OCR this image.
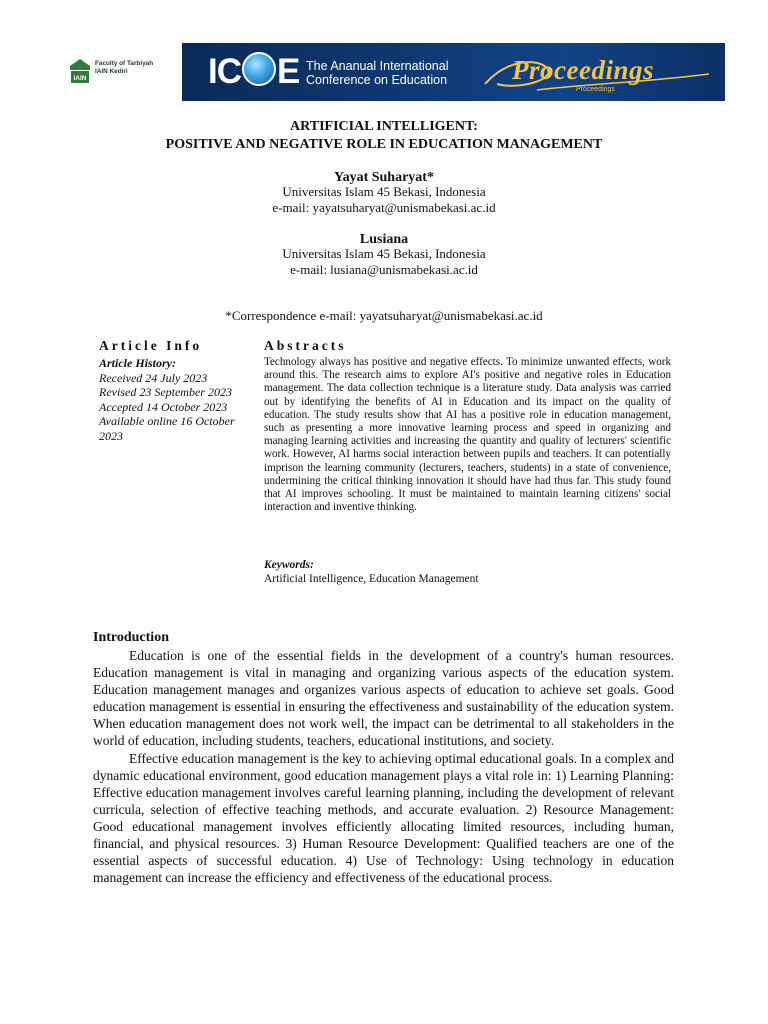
IAIN
Faculty of Tarbiyah
IAIN Kediri	IC E The Ananual International
Conference on Education Proceedings
Proceedings
ARTIFICIAL INTELLIGENT:
POSITIVE AND NEGATIVE ROLE IN EDUCATION MANAGEMENT
Yayat Suharyat*
Universitas Islam 45 Bekasi, Indonesia
e-mail: yayatsuharyat@unismabekasi.ac.id
Lusiana
Universitas Islam 45 Bekasi, Indonesia
e-mail: lusiana@unismabekasi.ac.id
*Correspondence e-mail: yayatsuharyat@unismabekasi.ac.id
Article Info	Abstracts
Article History:
Received 24 July 2023
Revised 23 September 2023
Accepted 14 October 2023
Available online 16 October 2023
Technology always has positive and negative effects. To minimize unwanted effects, work around this. The research aims to explore AI's positive and negative roles in Education management. The data collection technique is a literature study. Data analysis was carried out by identifying the benefits of AI in Education and its impact on the quality of education. The study results show that AI has a positive role in education management, such as presenting a more innovative learning process and speed in organizing and managing learning activities and increasing the quantity and quality of lecturers' scientific work. However, AI harms social interaction between pupils and teachers. It can potentially imprison the learning community (lecturers, teachers, students) in a state of convenience, undermining the critical thinking innovation it should have had thus far. This study found that AI improves schooling. It must be maintained to maintain learning citizens' social interaction and inventive thinking.
Keywords:
Artificial Intelligence, Education Management
Introduction

Education is one of the essential fields in the development of a country's human resources. Education management is vital in managing and organizing various aspects of the education system. Education management manages and organizes various aspects of education to achieve set goals. Good education management is essential in ensuring the effectiveness and sustainability of the education system. When education management does not work well, the impact can be detrimental to all stakeholders in the world of education, including students, teachers, educational institutions, and society.

Effective education management is the key to achieving optimal educational goals. In a complex and dynamic educational environment, good education management plays a vital role in: 1) Learning Planning: Effective education management involves careful learning planning, including the development of relevant curricula, selection of effective teaching methods, and accurate evaluation. 2) Resource Management: Good educational management involves efficiently allocating limited resources, including human, financial, and physical resources. 3) Human Resource Development: Qualified teachers are one of the essential aspects of successful education. 4) Use of Technology: Using technology in education management can increase the efficiency and effectiveness of the educational process.
